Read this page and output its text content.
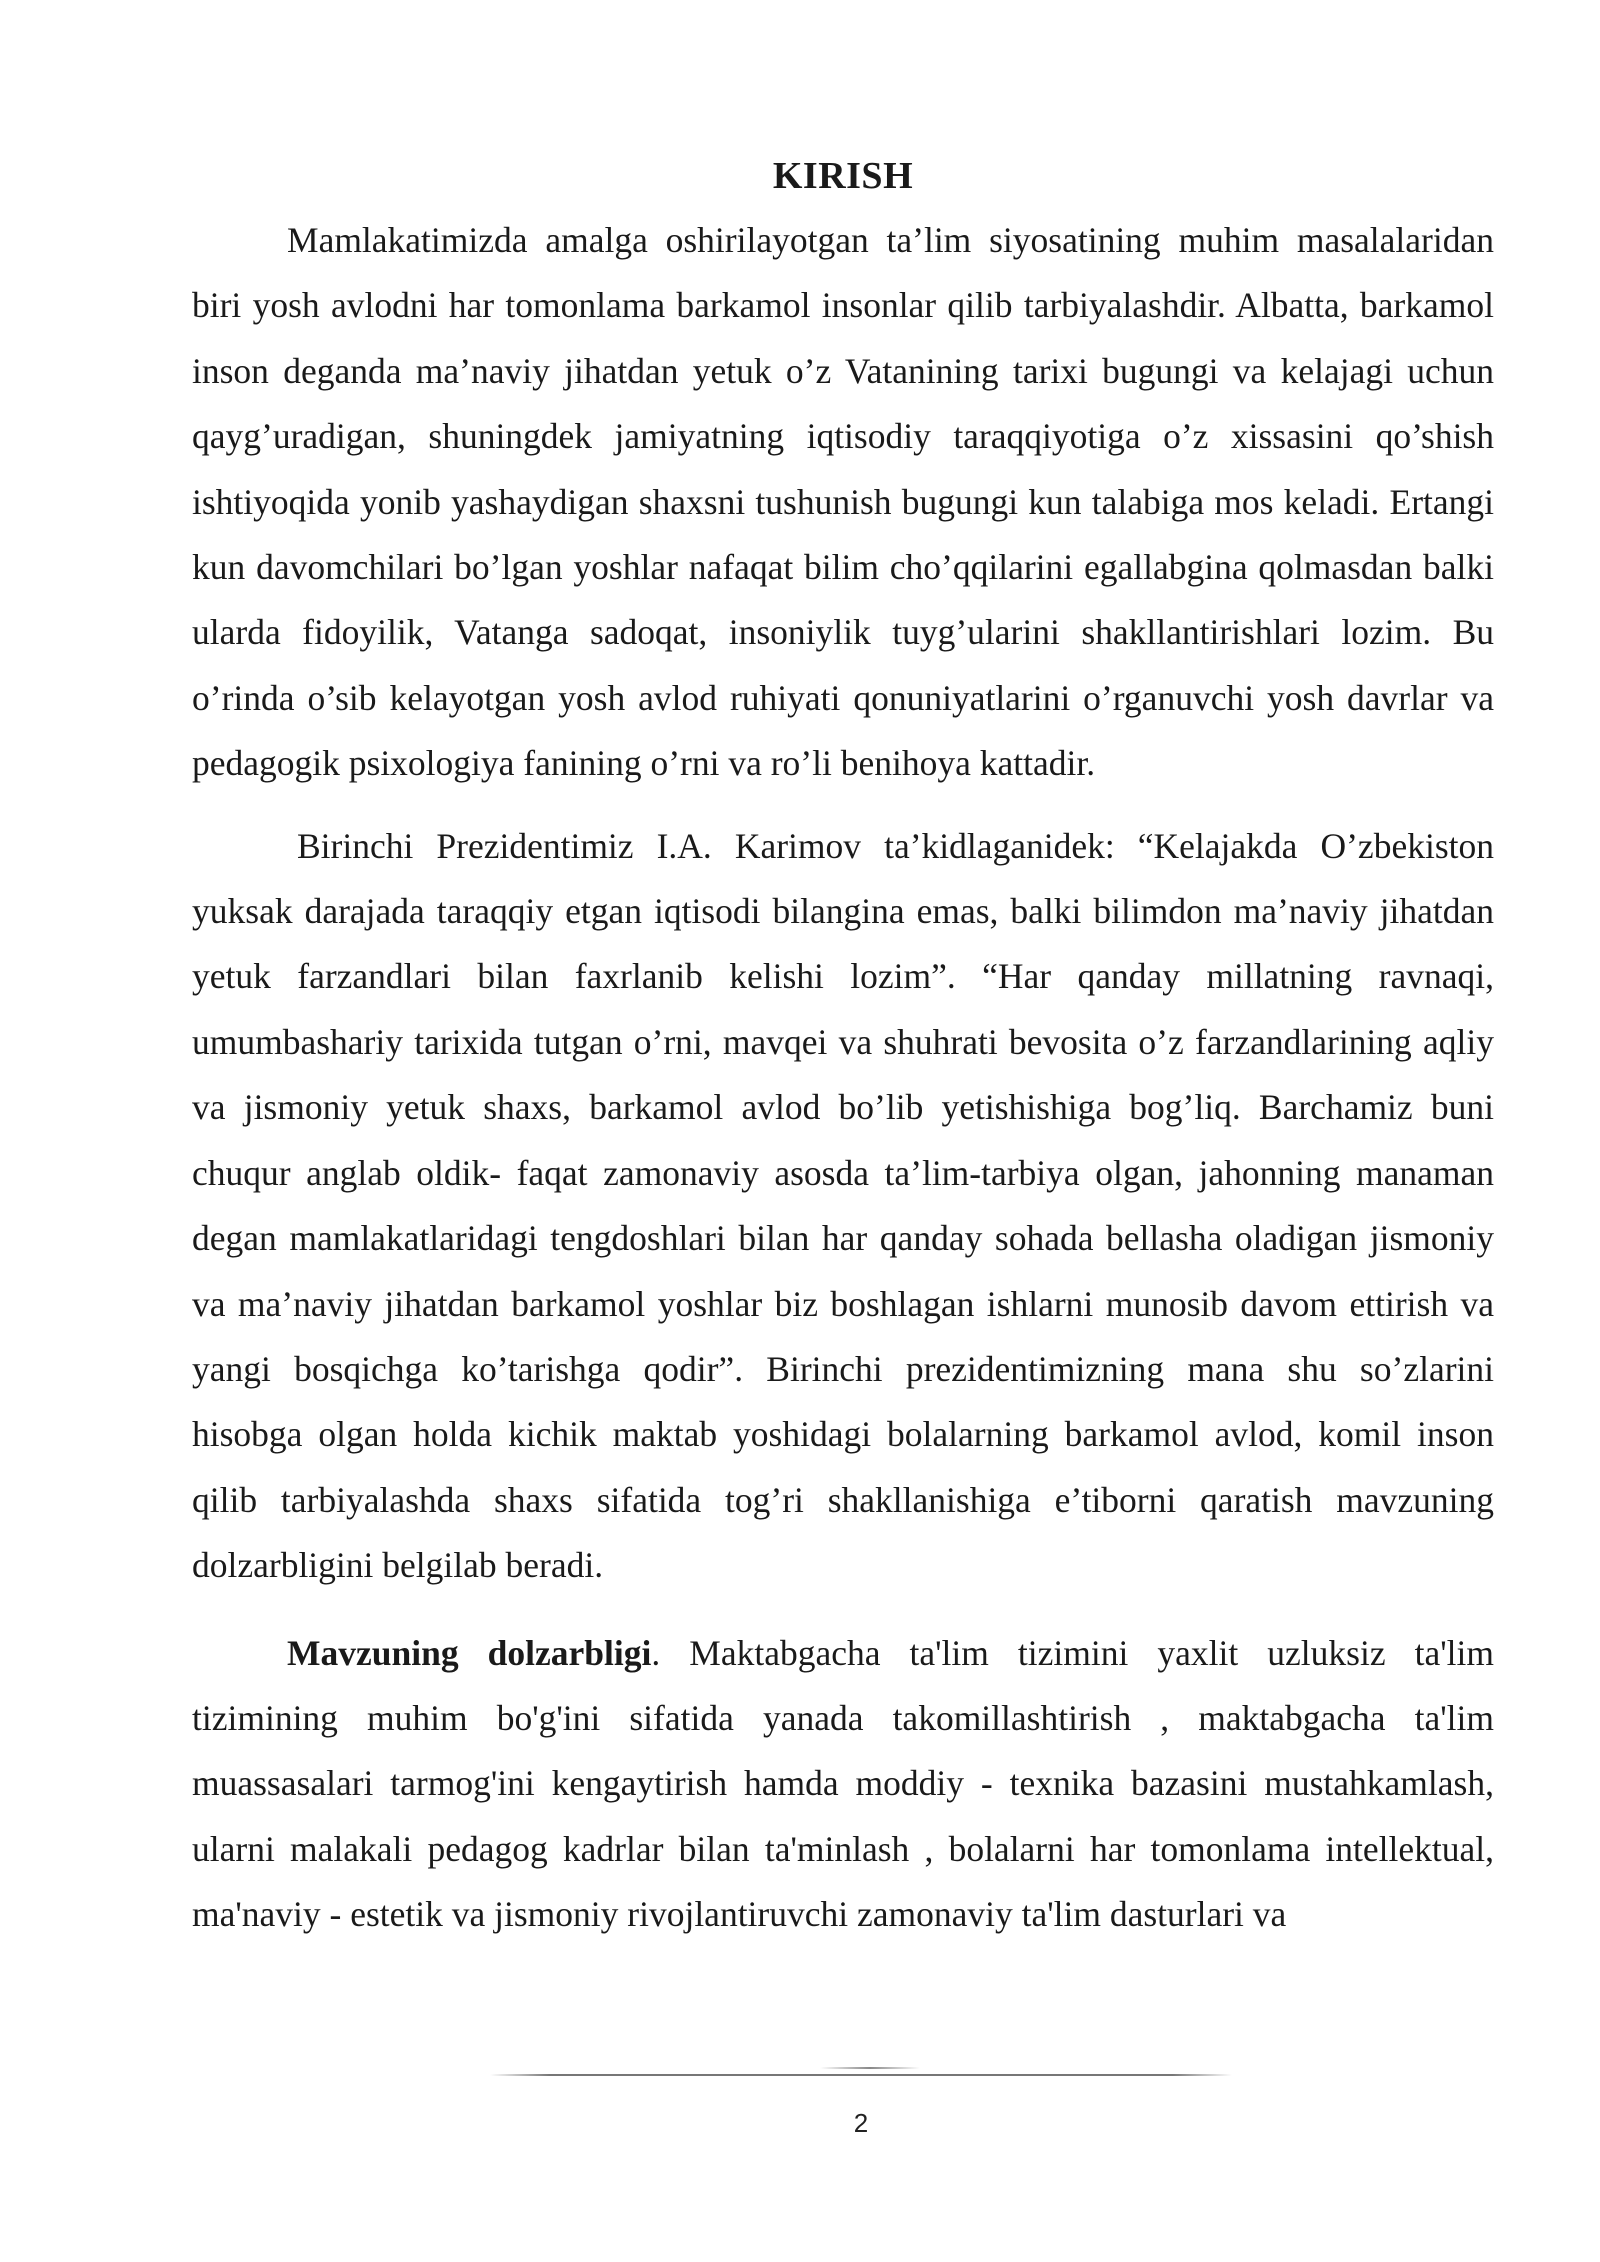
KIRISH

Mamlakatimizda amalga oshirilayotgan ta’lim siyosatining muhim masalalaridan biri yosh avlodni har tomonlama barkamol insonlar qilib tarbiyalashdir. Albatta, barkamol inson deganda ma’naviy jihatdan yetuk o’z Vatanining tarixi bugungi va kelajagi uchun qayg’uradigan, shuningdek jamiyatning iqtisodiy taraqqiyotiga o’z xissasini qo’shish ishtiyoqida yonib yashaydigan shaxsni tushunish bugungi kun talabiga mos keladi. Ertangi kun davomchilari bo’lgan yoshlar nafaqat bilim cho’qqilarini egallabgina qolmasdan balki ularda fidoyilik, Vatanga sadoqat, insoniylik tuyg’ularini shakllantirishlari lozim. Bu o’rinda o’sib kelayotgan yosh avlod ruhiyati qonuniyatlarini o’rganuvchi yosh davrlar va pedagogik psixologiya fanining o’rni va ro’li benihoya kattadir.

Birinchi Prezidentimiz I.A. Karimov ta’kidlaganidek: “Kelajakda O’zbekiston yuksak darajada taraqqiy etgan iqtisodi bilangina emas, balki bilimdon ma’naviy jihatdan yetuk farzandlari bilan faxrlanib kelishi lozim”. “Har qanday millatning ravnaqi, umumbashariy tarixida tutgan o’rni, mavqei va shuhrati bevosita o’z farzandlarining aqliy va jismoniy yetuk shaxs, barkamol avlod bo’lib yetishishiga bog’liq. Barchamiz buni chuqur anglab oldik- faqat zamonaviy asosda ta’lim-tarbiya olgan, jahonning manaman degan mamlakatlaridagi tengdoshlari bilan har qanday sohada bellasha oladigan jismoniy va ma’naviy jihatdan barkamol yoshlar biz boshlagan ishlarni munosib davom ettirish va yangi bosqichga ko’tarishga qodir”. Birinchi prezidentimizning mana shu so’zlarini hisobga olgan holda kichik maktab yoshidagi bolalarning barkamol avlod, komil inson qilib tarbiyalashda shaxs sifatida tog’ri shakllanishiga e’tiborni qaratish mavzuning dolzarbligini belgilab beradi.

Mavzuning dolzarbligi. Maktabgacha ta'lim tizimini yaxlit uzluksiz ta'lim tizimining muhim bo'g'ini sifatida yanada takomillashtirish , maktabgacha ta'lim muassasalari tarmog'ini kengaytirish hamda moddiy - texnika bazasini mustahkamlash, ularni malakali pedagog kadrlar bilan ta'minlash , bolalarni har tomonlama intellektual, ma'naviy - estetik va jismoniy rivojlantiruvchi zamonaviy ta'lim dasturlari va

2
